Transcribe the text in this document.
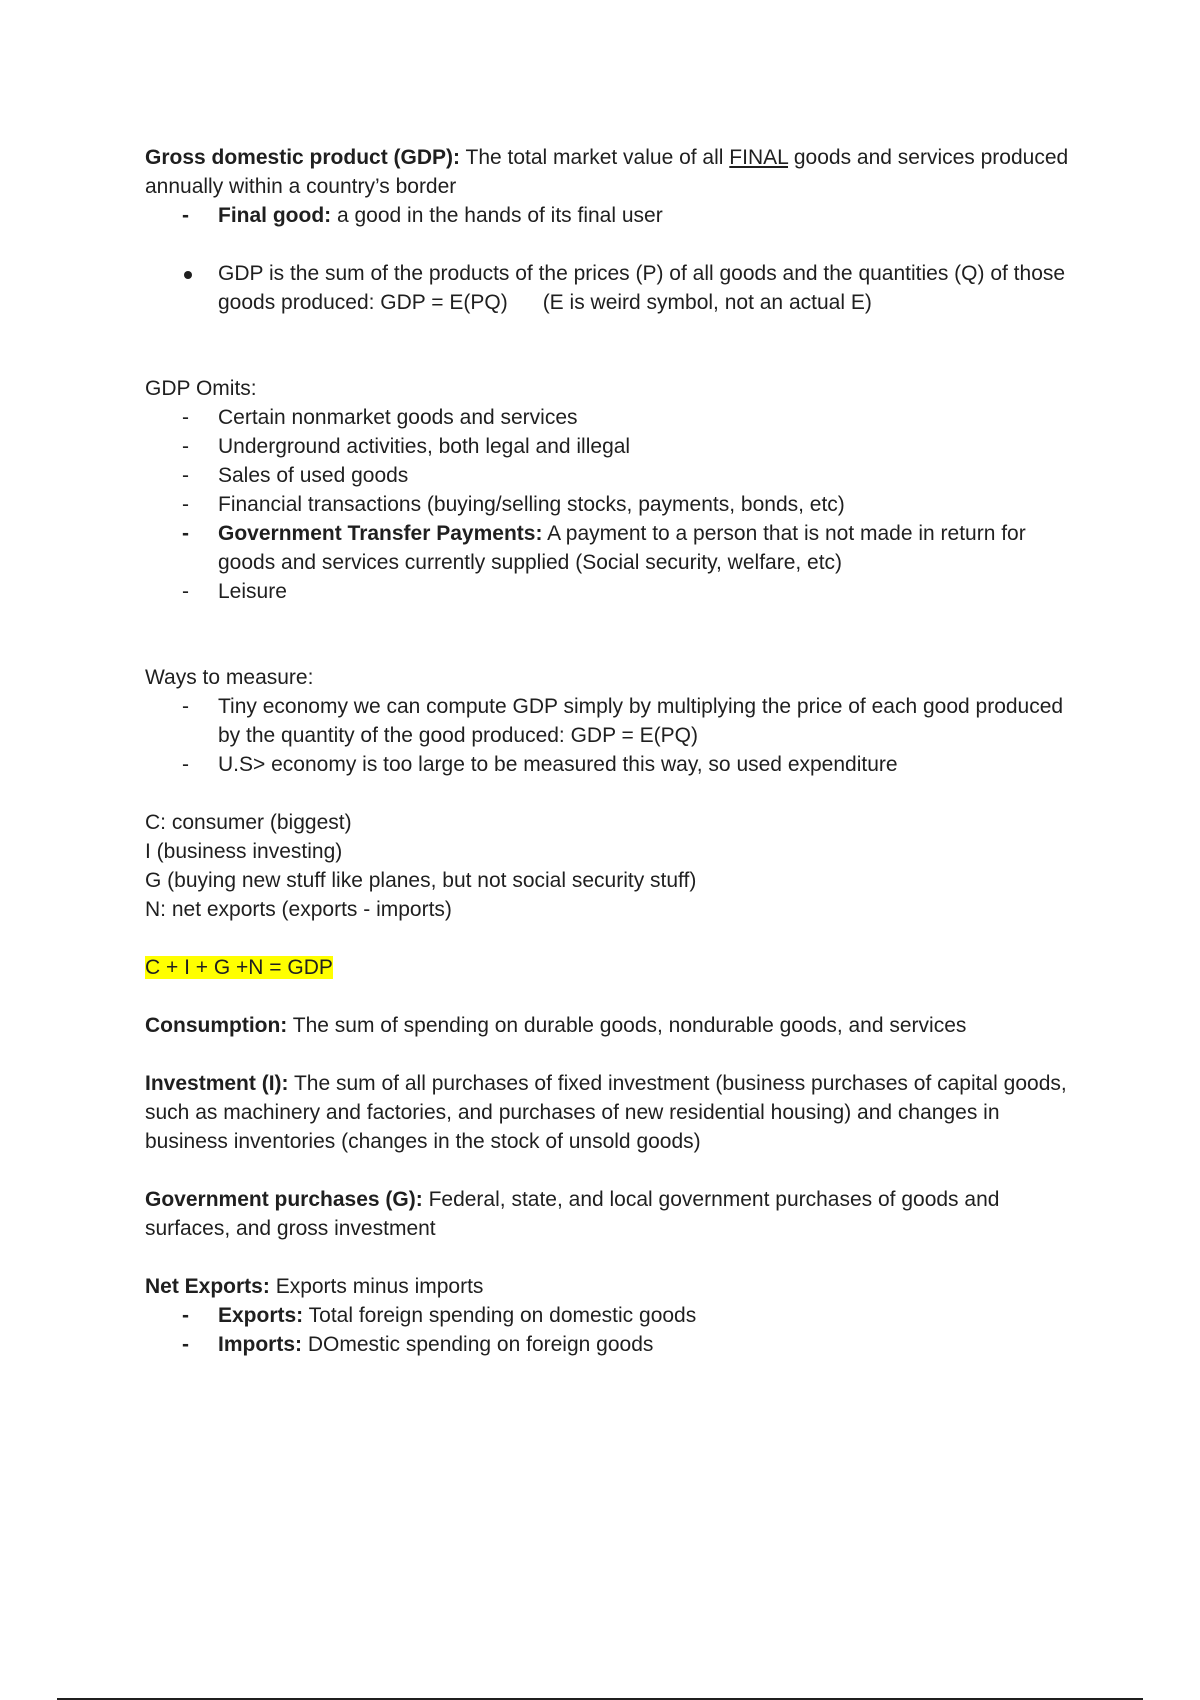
Gross domestic product (GDP): The total market value of all FINAL goods and services produced annually within a country’s border

- Final good: a good in the hands of its final user
GDP is the sum of the products of the prices (P) of all goods and the quantities (Q) of those goods produced: GDP = E(PQ)      (E is weird symbol, not an actual E)

GDP Omits:

- Certain nonmarket goods and services
- Underground activities, both legal and illegal
- Sales of used goods
- Financial transactions (buying/selling stocks, payments, bonds, etc)
- Government Transfer Payments: A payment to a person that is not made in return for goods and services currently supplied (Social security, welfare, etc)
- Leisure

Ways to measure:

- Tiny economy we can compute GDP simply by multiplying the price of each good produced by the quantity of the good produced: GDP = E(PQ)
- U.S> economy is too large to be measured this way, so used expenditure

C: consumer (biggest)

I (business investing)

G (buying new stuff like planes, but not social security stuff)

N: net exports (exports - imports)

C + I + G +N = GDP

Consumption: The sum of spending on durable goods, nondurable goods, and services

Investment (I): The sum of all purchases of fixed investment (business purchases of capital goods, such as machinery and factories, and purchases of new residential housing) and changes in business inventories (changes in the stock of unsold goods)

Government purchases (G): Federal, state, and local government purchases of goods and surfaces, and gross investment

Net Exports: Exports minus imports

- Exports: Total foreign spending on domestic goods
- Imports: DOmestic spending on foreign goods
